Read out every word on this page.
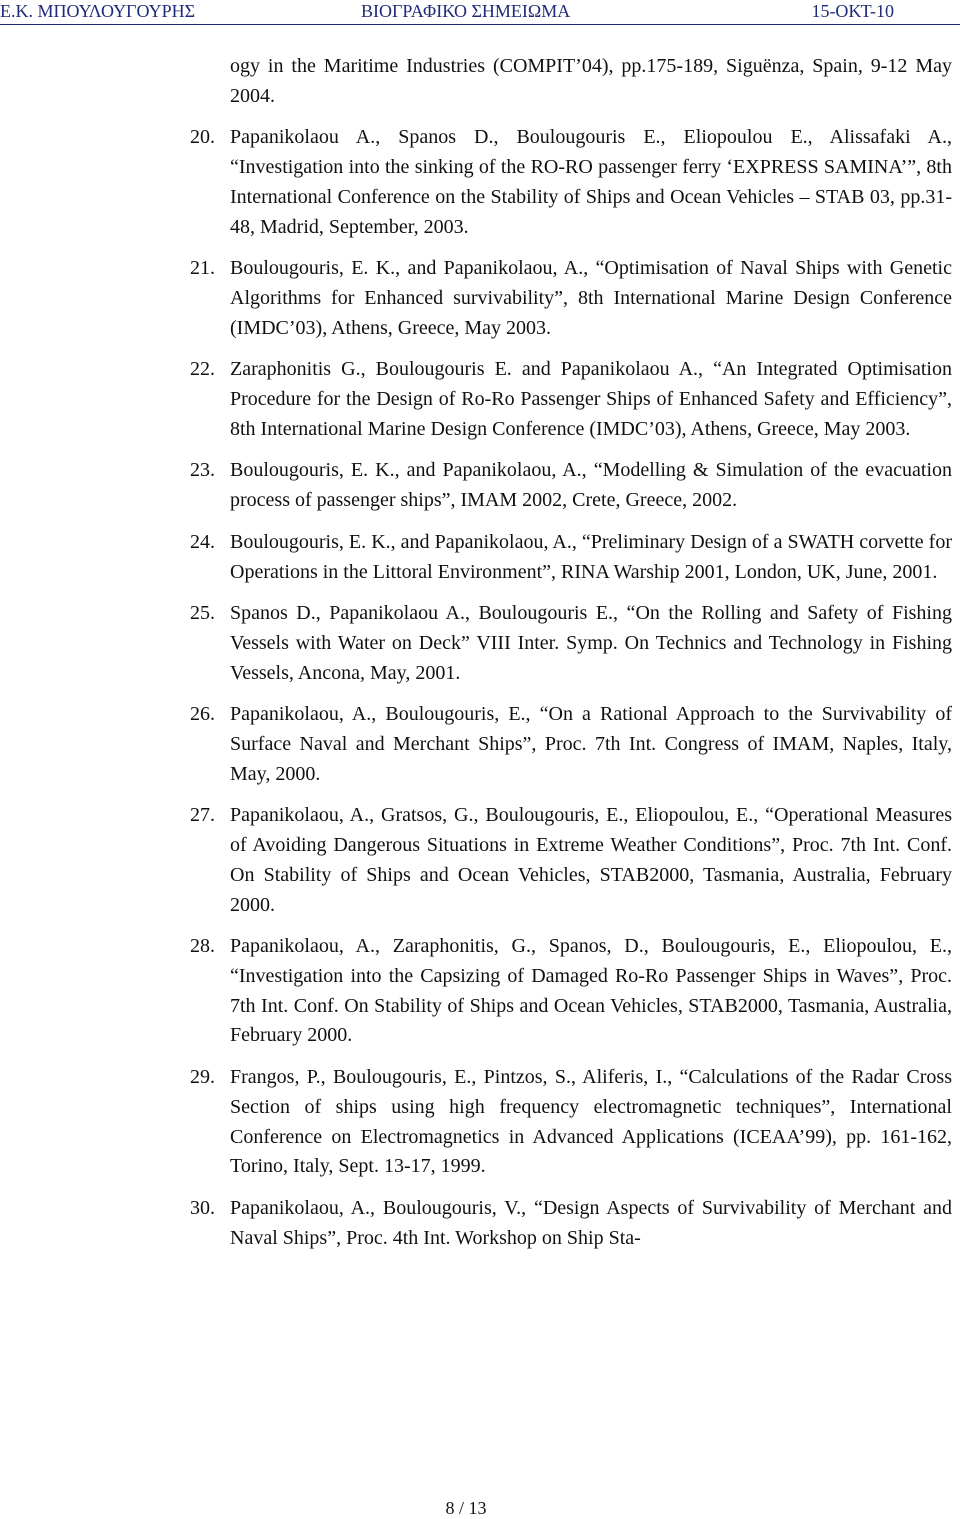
Ε.Κ. ΜΠΟΥΛΟΥΓΟΥΡΗΣ	ΒΙΟΓΡΑΦΙΚΟ ΣΗΜΕΙΩΜΑ	15-ΟΚΤ-10
ogy in the Maritime Industries (COMPIT’04), pp.175-189, Siguënza, Spain, 9-12 May 2004.
20. Papanikolaou A., Spanos D., Boulougouris E., Eliopoulou E., Alissafaki A., “Investigation into the sinking of the RO-RO passenger ferry ‘EXPRESS SAMINA’”, 8th International Conference on the Stability of Ships and Ocean Vehicles – STAB 03, pp.31-48, Madrid, September, 2003.
21. Boulougouris, E. K., and Papanikolaou, A., “Optimisation of Naval Ships with Genetic Algorithms for Enhanced survivability”, 8th International Marine Design Conference (IMDC’03), Athens, Greece, May 2003.
22. Zaraphonitis G., Boulougouris E. and Papanikolaou A., “An Integrated Optimisation Procedure for the Design of Ro-Ro Passenger Ships of Enhanced Safety and Efficiency”, 8th International Marine Design Conference (IMDC’03), Athens, Greece, May 2003.
23. Boulougouris, E. K., and Papanikolaou, A., “Modelling & Simulation of the evacuation process of passenger ships”, IMAM 2002, Crete, Greece, 2002.
24. Boulougouris, E. K., and Papanikolaou, A., “Preliminary Design of a SWATH corvette for Operations in the Littoral Environment”, RINA Warship 2001, London, UK, June, 2001.
25. Spanos D., Papanikolaou A., Boulougouris E., “On the Rolling and Safety of Fishing Vessels with Water on Deck” VIII Inter. Symp. On Technics and Technology in Fishing Vessels, Ancona, May, 2001.
26. Papanikolaou, A., Boulougouris, E., “On a Rational Approach to the Survivability of Surface Naval and Merchant Ships”, Proc. 7th Int. Congress of IMAM, Naples, Italy, May, 2000.
27. Papanikolaou, A., Gratsos, G., Boulougouris, E., Eliopoulou, E., “Operational Measures of Avoiding Dangerous Situations in Extreme Weather Conditions”, Proc. 7th Int. Conf. On Stability of Ships and Ocean Vehicles, STAB2000, Tasmania, Australia, February 2000.
28. Papanikolaou, A., Zaraphonitis, G., Spanos, D., Boulougouris, E., Eliopoulou, E., “Investigation into the Capsizing of Damaged Ro-Ro Passenger Ships in Waves”, Proc. 7th Int. Conf. On Stability of Ships and Ocean Vehicles, STAB2000, Tasmania, Australia, February 2000.
29. Frangos, P., Boulougouris, E., Pintzos, S., Aliferis, I., “Calculations of the Radar Cross Section of ships using high frequency electromagnetic techniques”, International Conference on Electromagnetics in Advanced Applications (ICEAA’99), pp. 161-162, Torino, Italy, Sept. 13-17, 1999.
30. Papanikolaou, A., Boulougouris, V., “Design Aspects of Survivability of Merchant and Naval Ships”, Proc. 4th Int. Workshop on Ship Sta-
8 / 13
